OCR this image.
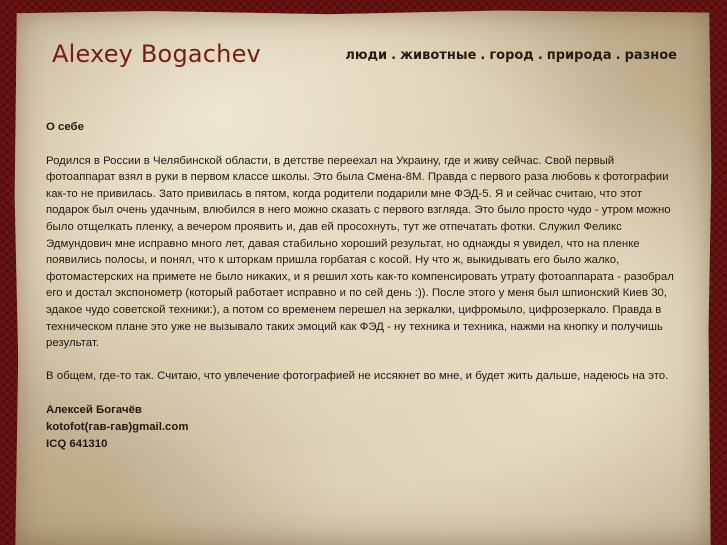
Alexey Bogachev	люди . животные . город . природа . разное
О себе

Родился в России в Челябинской области, в детстве переехал на Украину, где и живу сейчас. Свой первый фотоаппарат взял в руки в первом классе школы. Это была Смена-8М. Правда с первого раза любовь к фотографии как-то не привилась. Зато привилась в пятом, когда родители подарили мне ФЭД-5. Я и сейчас считаю, что этот подарок был очень удачным, влюбился в него можно сказать с первого взгляда. Это было просто чудо - утром можно было отщелкать пленку, а вечером проявить и, дав ей просохнуть, тут же отпечатать фотки. Служил Феликс Эдмундович мне исправно много лет, давая стабильно хороший результат, но однажды я увидел, что на пленке появились полосы, и понял, что к шторкам пришла горбатая с косой. Ну что ж, выкидывать его было жалко, фотомастерских на примете не было никаких, и я решил хоть как-то компенсировать утрату фотоаппарата - разобрал его и достал экспонометр (который работает исправно и по сей день :)). После этого у меня был шпионский Киев 30, эдакое чудо советской техники:), а потом со временем перешел на зеркалки, цифромыло, цифрозеркало. Правда в техническом плане это уже не вызывало таких эмоций как ФЭД - ну техника и техника, нажми на кнопку и получишь результат.

В общем, где-то так. Считаю, что увлечение фотографией не иссякнет во мне, и будет жить дальше, надеюсь на это.

Алексей Богачёв
kotofot(гав-гав)gmail.com
ICQ 641310
